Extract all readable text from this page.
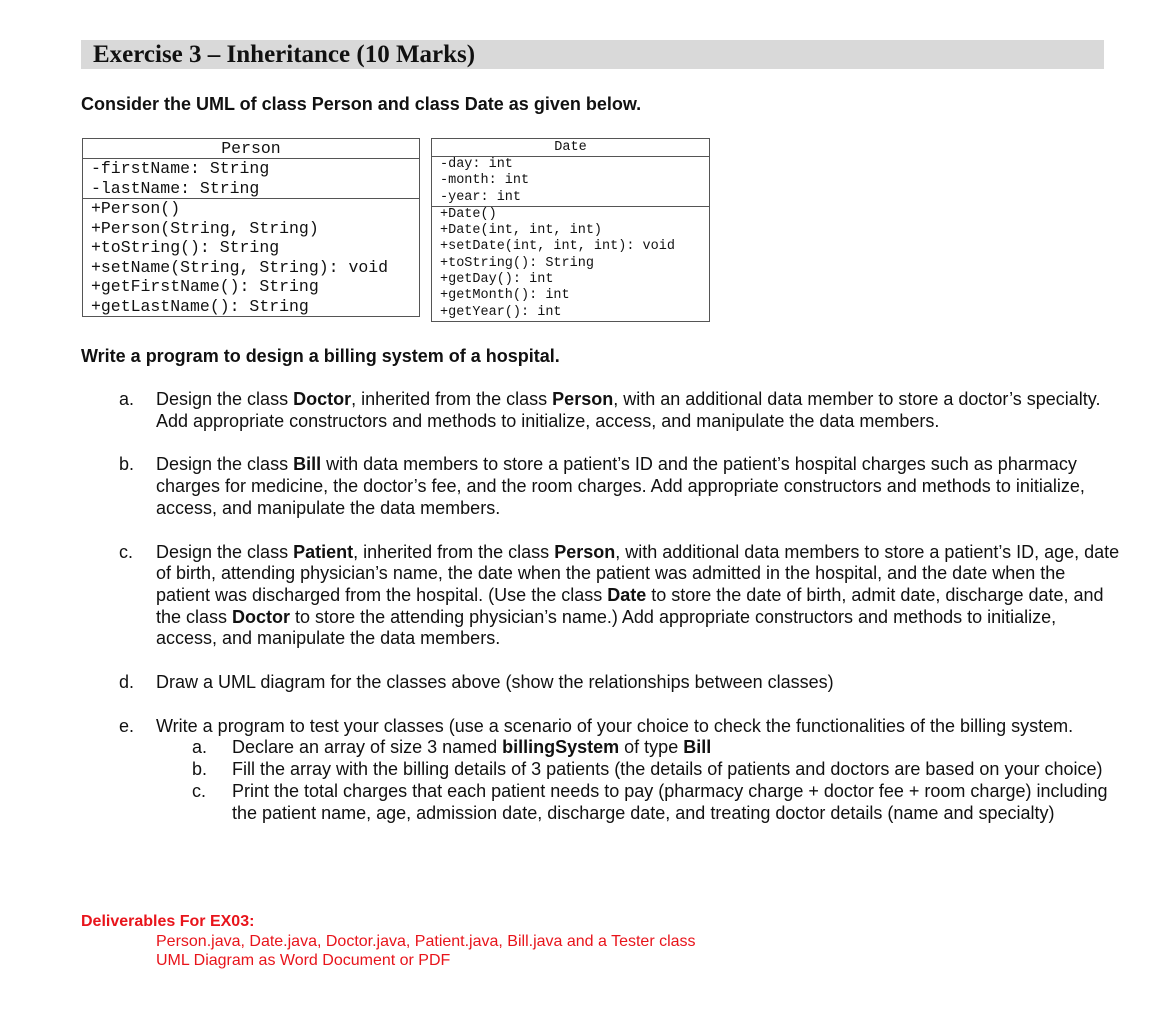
Exercise 3 – Inheritance (10 Marks)
Consider the UML of class Person and class Date as given below.
Person
-firstName: String
-lastName: String
+Person()
+Person(String, String)
+toString(): String
+setName(String, String): void
+getFirstName(): String
+getLastName(): String
Date
-day: int
-month: int
-year: int
+Date()
+Date(int, int, int)
+setDate(int, int, int): void
+toString(): String
+getDay(): int
+getMonth(): int
+getYear(): int
Write a program to design a billing system of a hospital.
a. Design the class Doctor, inherited from the class Person, with an additional data member to store a doctor’s specialty. Add appropriate constructors and methods to initialize, access, and manipulate the data members.
b. Design the class Bill with data members to store a patient’s ID and the patient’s hospital charges such as pharmacy charges for medicine, the doctor’s fee, and the room charges. Add appropriate constructors and methods to initialize, access, and manipulate the data members.
c. Design the class Patient, inherited from the class Person, with additional data members to store a patient’s ID, age, date of birth, attending physician’s name, the date when the patient was admitted in the hospital, and the date when the patient was discharged from the hospital. (Use the class Date to store the date of birth, admit date, discharge date, and the class Doctor to store the attending physician’s name.) Add appropriate constructors and methods to initialize, access, and manipulate the data members.
d. Draw a UML diagram for the classes above (show the relationships between classes)
e. Write a program to test your classes (use a scenario of your choice to check the functionalities of the billing system.
a. Declare an array of size 3 named billingSystem of type Bill
b. Fill the array with the billing details of 3 patients (the details of patients and doctors are based on your choice)
c. Print the total charges that each patient needs to pay (pharmacy charge + doctor fee + room charge) including the patient name, age, admission date, discharge date, and treating doctor details (name and specialty)
Deliverables For EX03:
Person.java, Date.java, Doctor.java, Patient.java, Bill.java and a Tester class
UML Diagram as Word Document or PDF
